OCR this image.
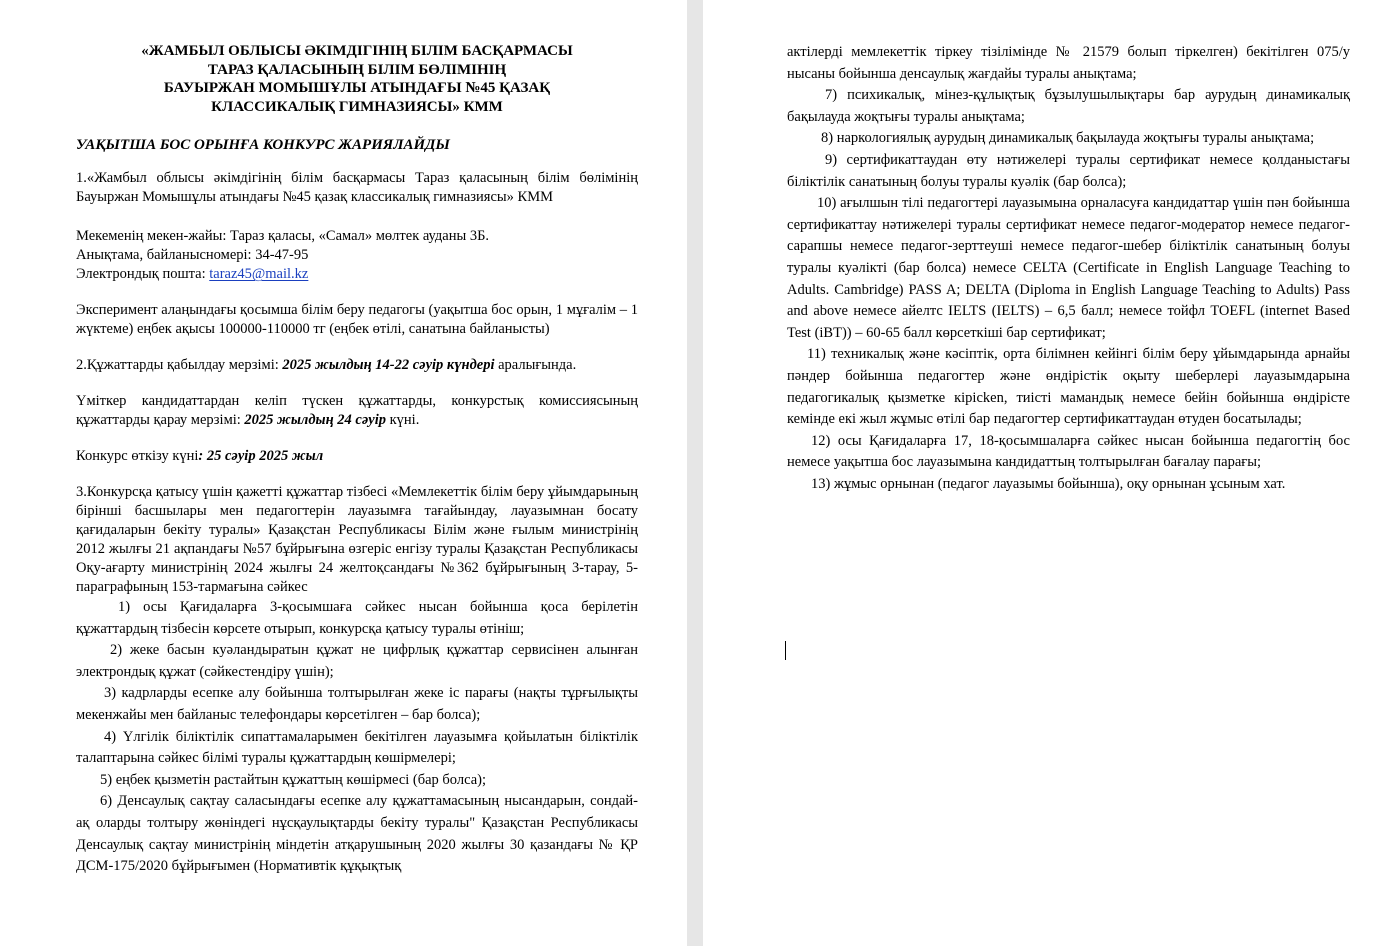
«ЖАМБЫЛ ОБЛЫСЫ ӘКІМДІГІНІҢ БІЛІМ БАСҚАРМАСЫ
ТАРАЗ ҚАЛАСЫНЫҢ БІЛІМ БӨЛІМІНІҢ
БАУЫРЖАН МОМЫШҰЛЫ АТЫНДАҒЫ №45 ҚАЗАҚ
КЛАССИКАЛЫҚ ГИМНАЗИЯСЫ» КММ

УАҚЫТША БОС ОРЫНҒА КОНКУРС ЖАРИЯЛАЙДЫ

1.«Жамбыл облысы әкімдігінің білім басқармасы Тараз қаласының білім бөлімінің Бауыржан Момышұлы атындағы №45 қазақ классикалық гимназиясы» КММ

Мекеменің мекен-жайы: Тараз қаласы, «Самал» мөлтек ауданы 3Б.

Анықтама, байланысномері: 34-47-95

Электрондық пошта: taraz45@mail.kz

Эксперимент алаңындағы қосымша білім беру педагогы (уақытша бос орын, 1 мұғалім – 1 жүктеме) еңбек ақысы 100000-110000 тг (еңбек өтілі, санатына байланысты)

2.Құжаттарды қабылдау мерзімі: 2025 жылдың 14-22 сәуір күндері аралығында.

Үміткер кандидаттардан келіп түскен құжаттарды, конкурстық комиссиясының құжаттарды қарау мерзімі: 2025 жылдың 24 сәуір күні.

Конкурс өткізу күні: 25 сәуір 2025 жыл

3.Конкурсқа қатысу үшін қажетті құжаттар тізбесі «Мемлекеттік білім беру ұйымдарының бірінші басшылары мен педагогтерін лауазымға тағайындау, лауазымнан босату қағидаларын бекіту туралы» Қазақстан Республикасы Білім және ғылым министрінің 2012 жылғы 21 ақпандағы №57 бұйрығына өзгеріс енгізу туралы Қазақстан Республикасы Оқу-ағарту министрінің 2024 жылғы 24 желтоқсандағы №362 бұйрығының 3-тарау, 5-параграфының 153-тармағына сәйкес

1) осы Қағидаларға 3-қосымшаға сәйкес нысан бойынша қоса берілетін құжаттардың тізбесін көрсете отырып, конкурсқа қатысу туралы өтініш;

2) жеке басын куәландыратын құжат не цифрлық құжаттар сервисінен алынған электрондық құжат (сәйкестендіру үшін);

3) кадрларды есепке алу бойынша толтырылған жеке іс парағы (нақты тұрғылықты мекенжайы мен байланыс телефондары көрсетілген – бар болса);

4) Үлгілік біліктілік сипаттамаларымен бекітілген лауазымға қойылатын біліктілік талаптарына сәйкес білімі туралы құжаттардың көшірмелері;

5) еңбек қызметін растайтын құжаттың көшірмесі (бар болса);

6) Денсаулық сақтау саласындағы есепке алу құжаттамасының нысандарын, сондай-ақ оларды толтыру жөніндегі нұсқаулықтарды бекіту туралы" Қазақстан Республикасы Денсаулық сақтау министрінің міндетін атқарушының 2020 жылғы 30 қазандағы № ҚР ДСМ-175/2020 бұйрығымен (Нормативтік құқықтық

актілерді мемлекеттік тіркеу тізілімінде № 21579 болып тіркелген) бекітілген 075/у нысаны бойынша денсаулық жағдайы туралы анықтама;

7) психикалық, мінез-құлықтық бұзылушылықтары бар аурудың динамикалық бақылауда жоқтығы туралы анықтама;

8) наркологиялық аурудың динамикалық бақылауда жоқтығы туралы анықтама;

9) сертификаттаудан өту нәтижелері туралы сертификат немесе қолданыстағы біліктілік санатының болуы туралы куәлік (бар болса);

10) ағылшын тілі педагогтері лауазымына орналасуға кандидаттар үшін пән бойынша сертификаттау нәтижелері туралы сертификат немесе педагог-модератор немесе педагог-сарапшы немесе педагог-зерттеуші немесе педагог-шебер біліктілік санатының болуы туралы куәлікті (бар болса) немесе CELTA (Certificate in English Language Teaching to Adults. Cambridge) PASS A; DELTA (Diploma in English Language Teaching to Adults) Pass and above немесе айелтс IELTS (IELTS) – 6,5 балл; немесе тойфл TOEFL (internet Based Test (iBT)) – 60-65 балл көрсеткіші бар сертификат;

11) техникалық және кәсіптік, орта білімнен кейінгі білім беру ұйымдарында арнайы пәндер бойынша педагогтер және өндірістік оқыту шеберлері лауазымдарына педагогикалық қызметке кірісken, тиісті мамандық немесе бейін бойынша өндірісте кемінде екі жыл жұмыс өтілі бар педагогтер сертификаттаудан өтуден босатылады;

12) осы Қағидаларға 17, 18-қосымшаларға сәйкес нысан бойынша педагогтің бос немесе уақытша бос лауазымына кандидаттың толтырылған бағалау парағы;

13) жұмыс орнынан (педагог лауазымы бойынша), оқу орнынан ұсыным хат.
